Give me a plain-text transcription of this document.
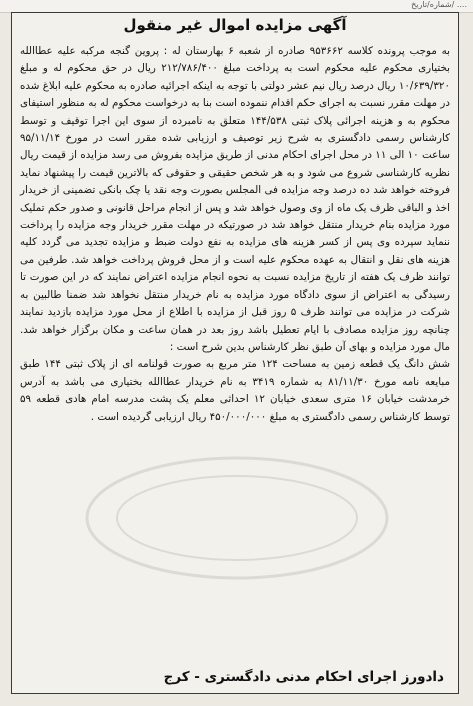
شماره/تاریخ/ ....
آگهی مزایده اموال غیر منقول

به موجب پرونده کلاسه ۹۵۳۶۶۲ صادره از شعبه ۶ بهارستان له : پروین گنجه مرکبه علیه عطاالله بختیاری محکوم علیه محکوم است به پرداخت مبلغ ۲۱۲/۷۸۶/۴۰۰ ریال در حق محکوم له و مبلغ ۱۰/۶۳۹/۳۲۰ ریال درصد ریال نیم عشر دولتی با توجه به اینکه اجرائیه صادره به محکوم علیه ابلاغ شده در مهلت مقرر نسبت به اجرای حکم اقدام ننموده است بنا به درخواست محکوم له به منظور استیفای محکوم به و هزینه اجرائی پلاک ثبتی ۱۴۴/۵۳۸ متعلق به نامبرده از سوی این اجرا توقیف و توسط کارشناس رسمی دادگستری به شرح زیر توصیف و ارزیابی شده مقرر است در مورخ ۹۵/۱۱/۱۴ ساعت ۱۰ الی ۱۱ در محل اجرای احکام مدنی از طریق مزایده بفروش می رسد مزایده از قیمت ریال نظریه کارشناسی شروع می شود و به هر شخص حقیقی و حقوقی که بالاترین قیمت را پیشنهاد نماید فروخته خواهد شد ده درصد وجه مزایده فی المجلس بصورت وجه نقد یا چک بانکی تضمینی از خریدار اخذ و الباقی ظرف یک ماه از وی وصول خواهد شد و پس از انجام مراحل قانونی و صدور حکم تملیک مورد مزایده بنام خریدار منتقل خواهد شد در صورتیکه در مهلت مقرر خریدار وجه مزایده را پرداخت ننماید سپرده وی پس از کسر هزینه های مزایده به نفع دولت ضبط و مزایده تجدید می گردد کلیه هزینه های نقل و انتقال به عهده محکوم علیه است و از محل فروش پرداخت خواهد شد. طرفین می توانند ظرف یک هفته از تاریخ مزایده نسبت به نحوه انجام مزایده اعتراض نمایند که در این صورت تا رسیدگی به اعتراض از سوی دادگاه مورد مزایده به نام خریدار منتقل نخواهد شد ضمنا طالبین به شرکت در مزایده می توانند ظرف ۵ روز قبل از مزایده با اطلاع از محل مورد مزایده بازدید نمایند چنانچه روز مزایده مصادف با ایام تعطیل باشد روز بعد در همان ساعت و مکان برگزار خواهد شد. مال مورد مزایده و بهای آن طبق نظر کارشناس بدین شرح است :

شش دانگ یک قطعه زمین به مساحت ۱۲۴ متر مربع به صورت قولنامه ای از پلاک ثبتی ۱۴۴ طبق مبایعه نامه مورخ ۸۱/۱۱/۳۰ به شماره ۳۴۱۹ به نام خریدار عطاالله بختیاری می باشد به آدرس خرمدشت خیابان ۱۶ متری سعدی خیابان ۱۲ احداثی معلم یک پشت مدرسه امام هادی قطعه ۵۹ توسط کارشناس رسمی دادگستری به مبلغ ۴۵۰/۰۰۰/۰۰۰ ریال ارزیابی گردیده است .

دادورز اجرای احکام مدنی دادگستری - کرج
